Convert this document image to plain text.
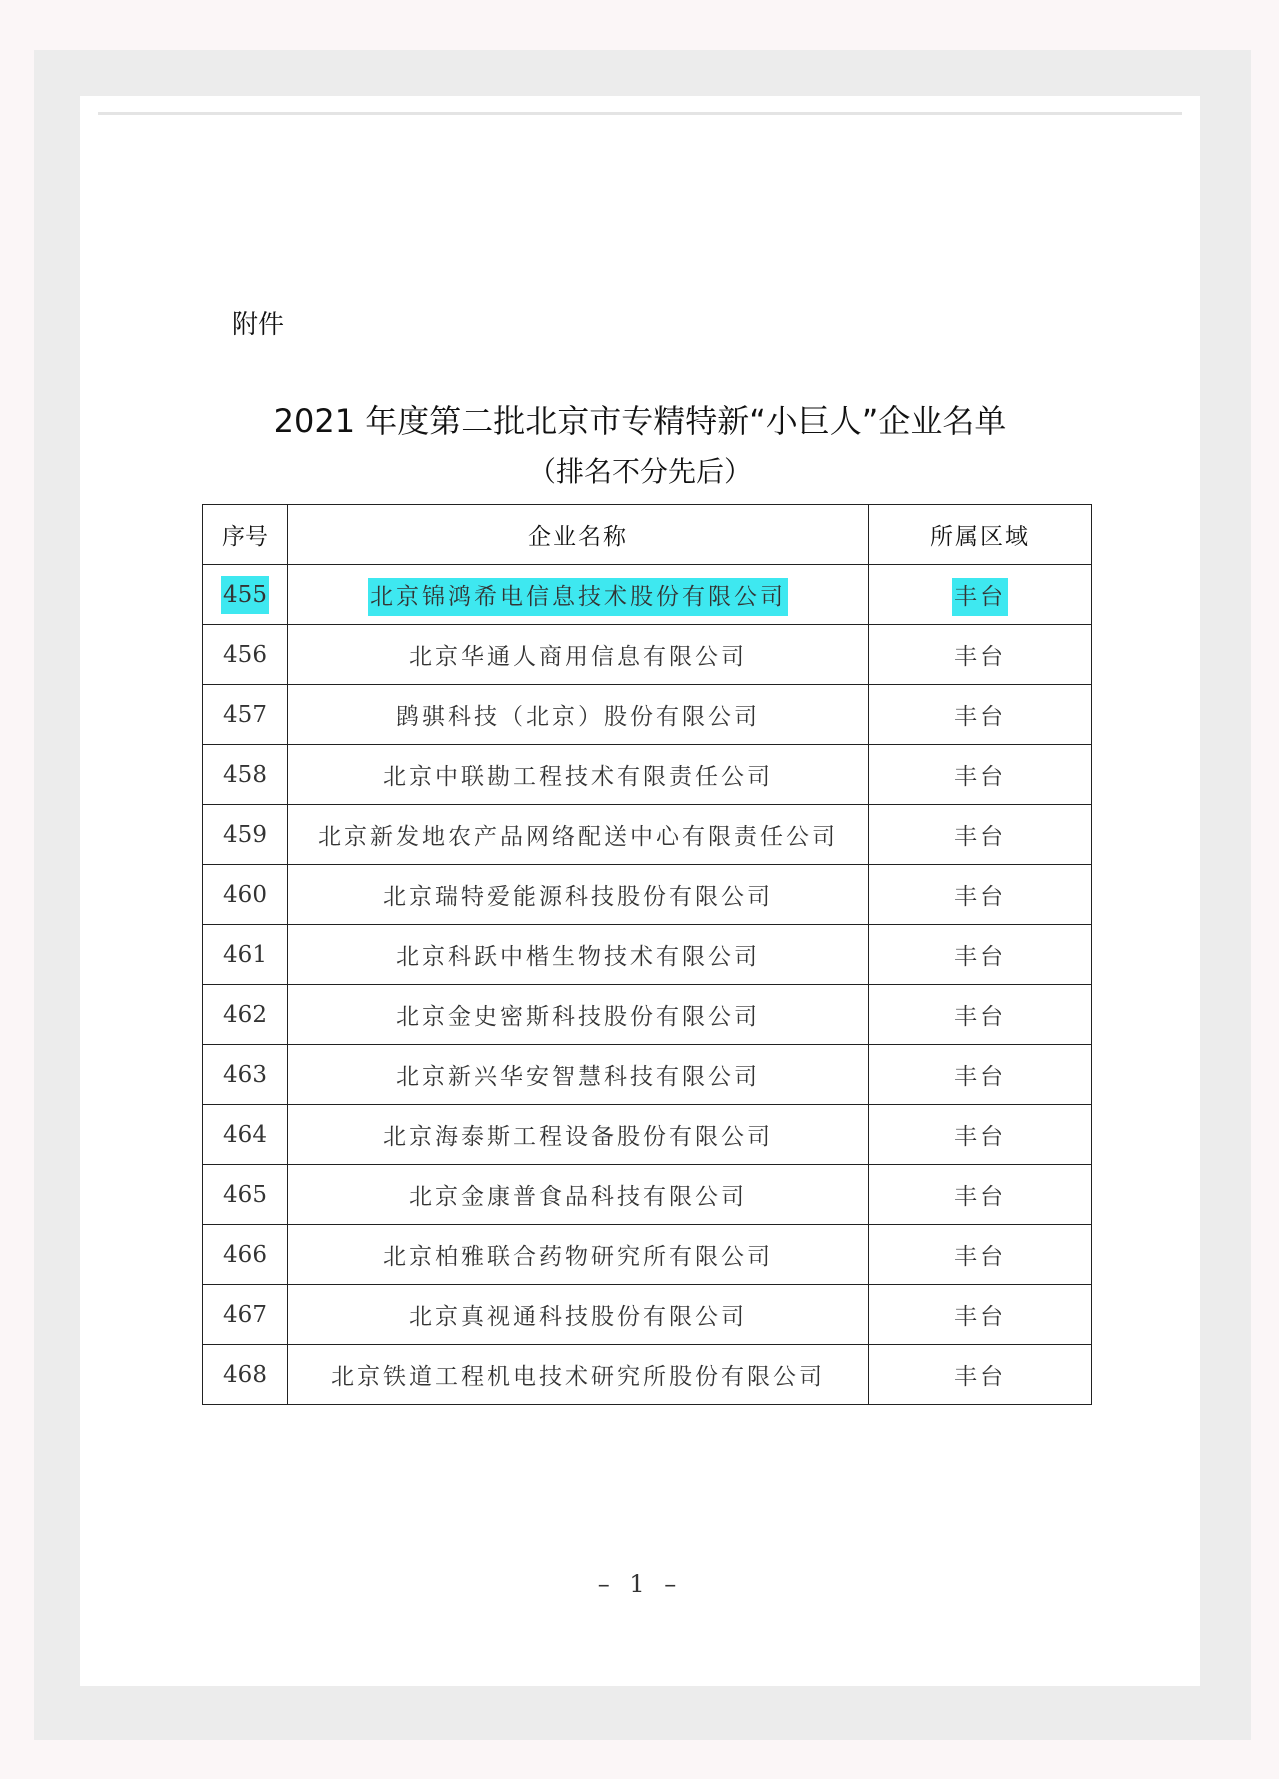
附件
2021 年度第二批北京市专精特新“小巨人”企业名单
（排名不分先后）
序号	企业名称	所属区域
455	北京锦鸿希电信息技术股份有限公司	丰台
456	北京华通人商用信息有限公司	丰台
457	鹍骐科技（北京）股份有限公司	丰台
458	北京中联勘工程技术有限责任公司	丰台
459	北京新发地农产品网络配送中心有限责任公司	丰台
460	北京瑞特爱能源科技股份有限公司	丰台
461	北京科跃中楷生物技术有限公司	丰台
462	北京金史密斯科技股份有限公司	丰台
463	北京新兴华安智慧科技有限公司	丰台
464	北京海泰斯工程设备股份有限公司	丰台
465	北京金康普食品科技有限公司	丰台
466	北京柏雅联合药物研究所有限公司	丰台
467	北京真视通科技股份有限公司	丰台
468	北京铁道工程机电技术研究所股份有限公司	丰台
– 1 –
